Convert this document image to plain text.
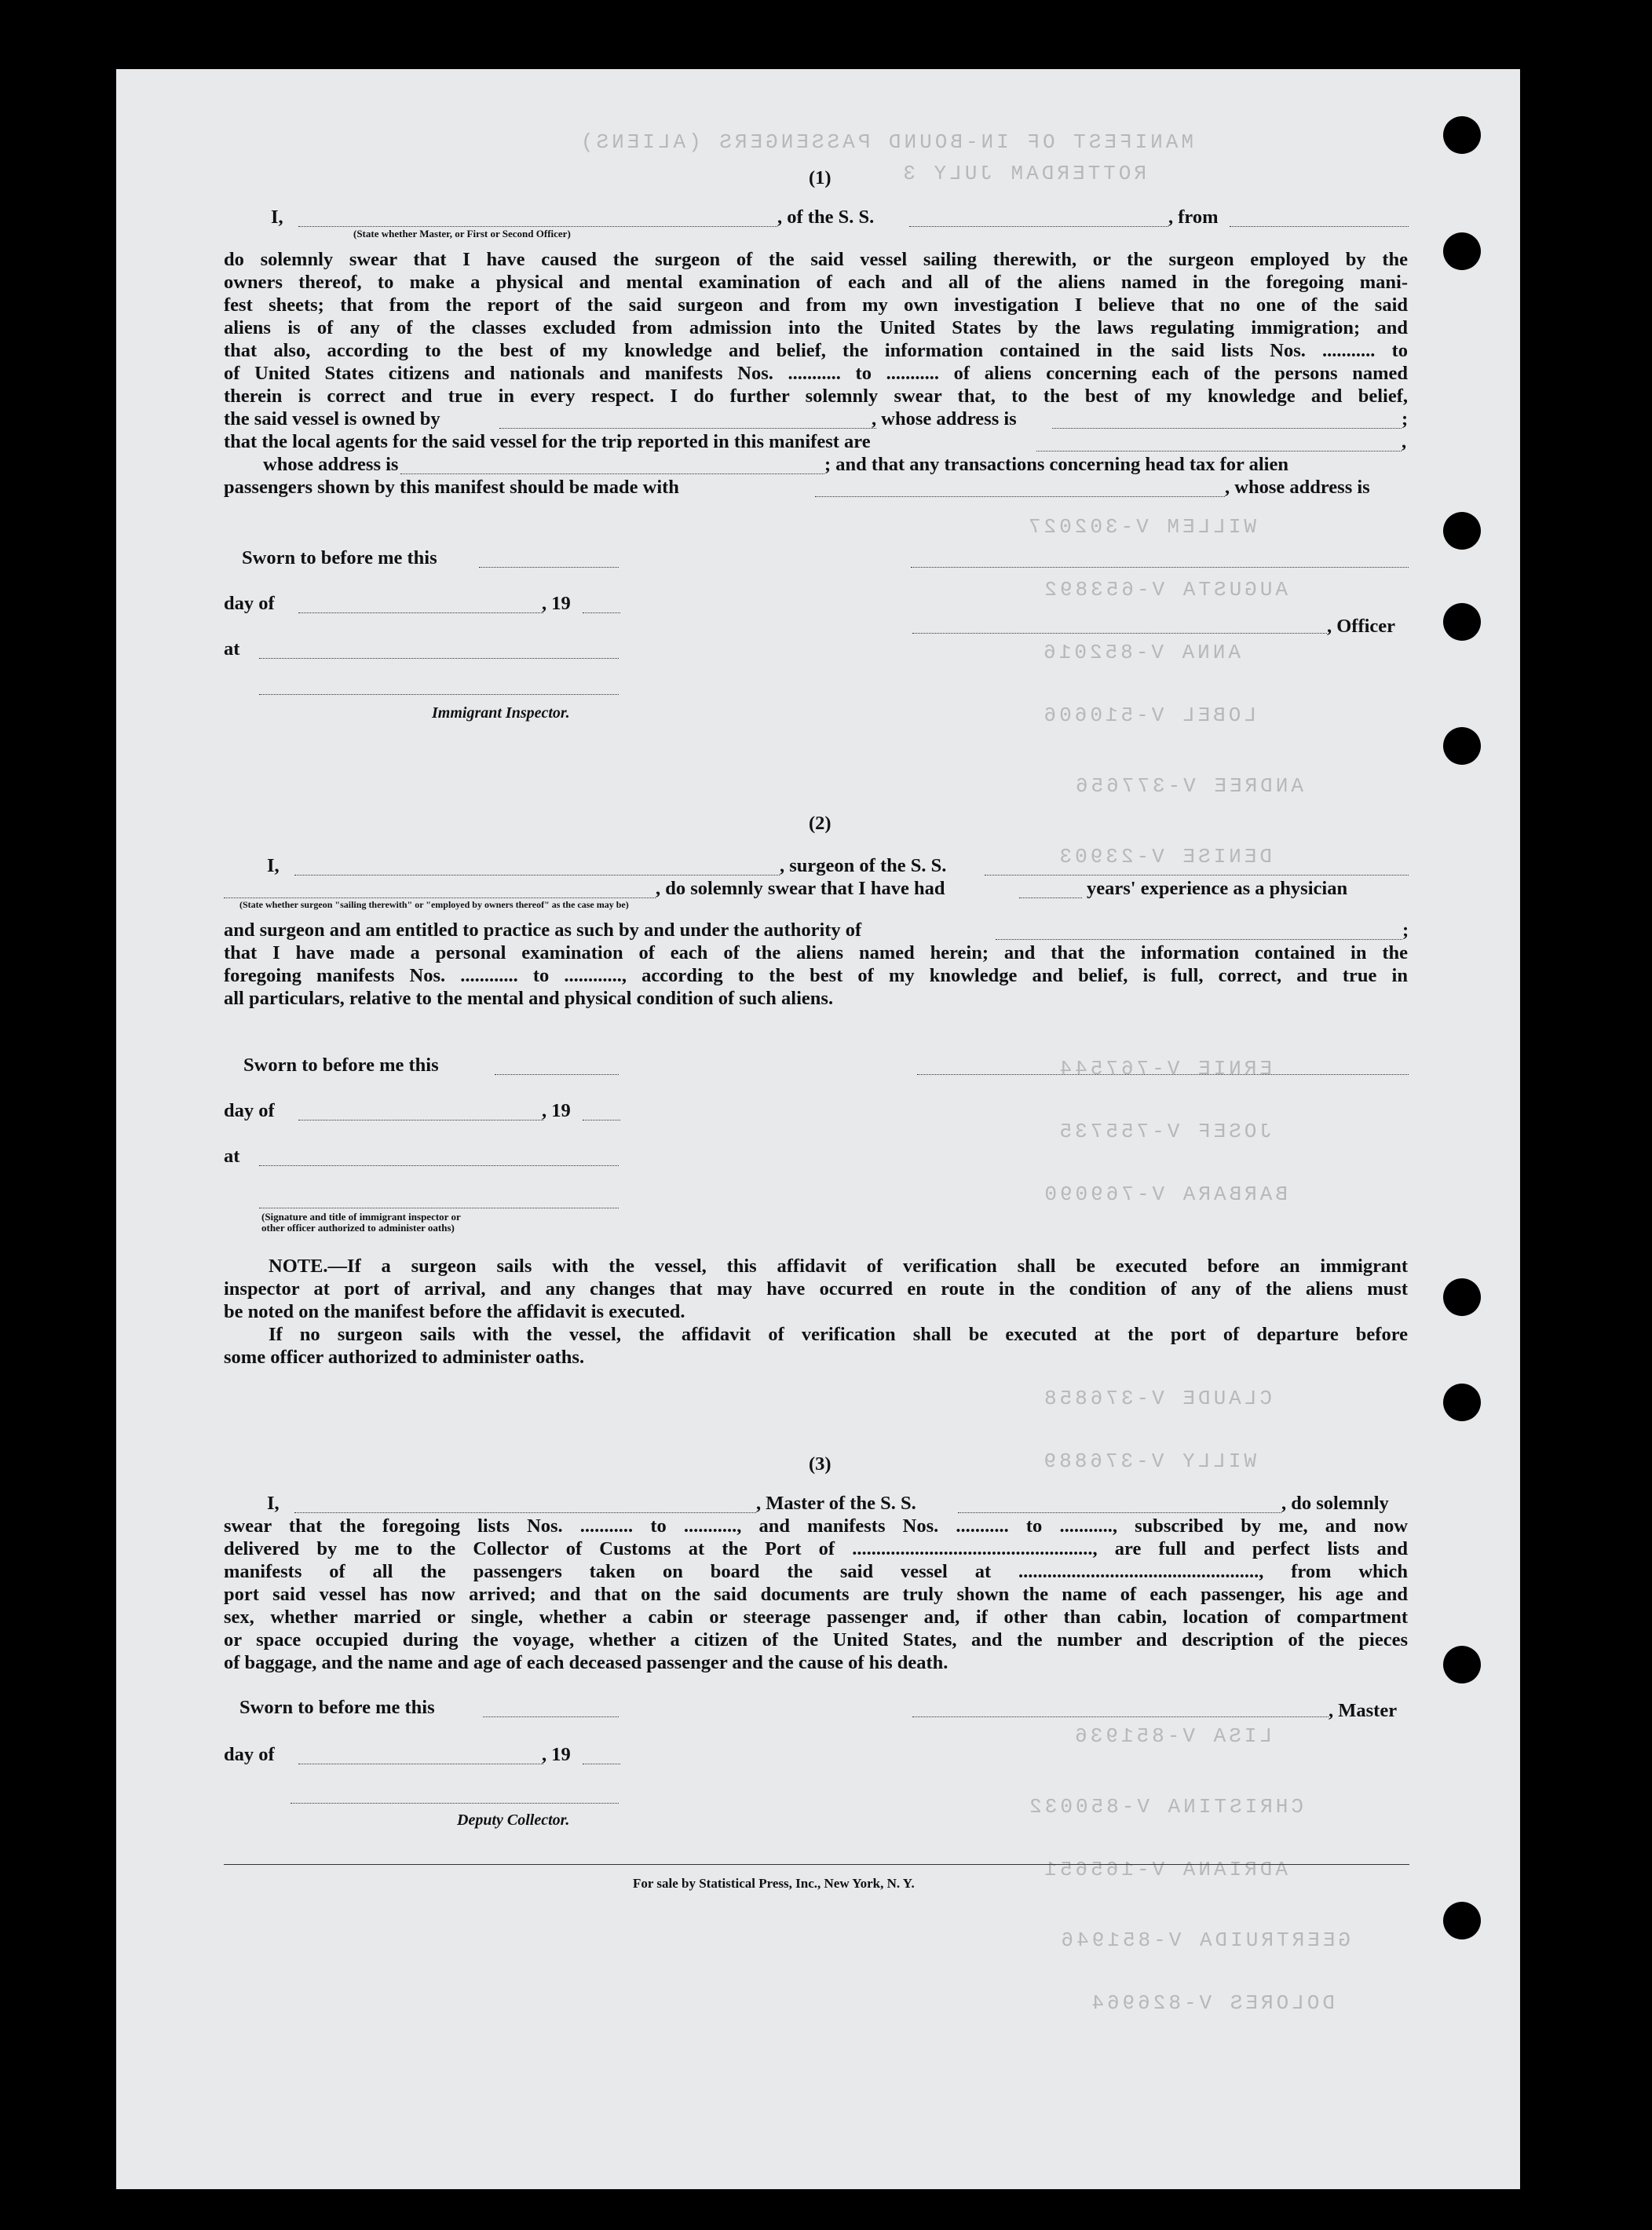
MANIFEST OF IN-BOUND PASSENGERS (ALIENS)
ROTTERDAM JULY 3
WILLEM V-302027
AUGUSTA V-653892
ANNA V-852016
LOBEL V-510606
ANDREE V-377656
DENISE V-23903
ERNIE V-767544
JOSEF V-755735
BARBARA V-769090
CLAUDE V-376858
WILLY V-376889
LISA V-851936
CHRISTINA V-850032
ADRIANA V-165651
GEERTRUIDA V-851946
DOLORES V-826964
(1)
I,
(State whether Master, or First or Second Officer)
, of the S. S.	, from
do solemnly swear that I have caused the surgeon of the said vessel sailing therewith, or the surgeon employed by the
owners thereof, to make a physical and mental examination of each and all of the aliens named in the foregoing mani-
fest sheets; that from the report of the said surgeon and from my own investigation I believe that no one of the said
aliens is of any of the classes excluded from admission into the United States by the laws regulating immigration; and
that also, according to the best of my knowledge and belief, the information contained in the said lists Nos. ........... to
of United States citizens and nationals and manifests Nos. ........... to ........... of aliens concerning each of the persons named
therein is correct and true in every respect. I do further solemnly swear that, to the best of my knowledge and belief,
the said vessel is owned by	, whose address is	;
that the local agents for the said vessel for the trip reported in this manifest are	,
whose address is	; and that any transactions concerning head tax for alien
passengers shown by this manifest should be made with	, whose address is
Sworn to before me this
day of	, 19
, Officer
at
Immigrant Inspector.
(2)
I,	, surgeon of the S. S.
(State whether surgeon "sailing therewith" or "employed by owners thereof" as the case may be)
, do solemnly swear that I have had	years' experience as a physician
and surgeon and am entitled to practice as such by and under the authority of	;
that I have made a personal examination of each of the aliens named herein; and that the information contained in the
foregoing manifests Nos. ............ to ............, according to the best of my knowledge and belief, is full, correct, and true in
all particulars, relative to the mental and physical condition of such aliens.
Sworn to before me this
day of	, 19
at
(Signature and title of immigrant inspector or
other officer authorized to administer oaths)
NOTE.—If a surgeon sails with the vessel, this affidavit of verification shall be executed before an immigrant
inspector at port of arrival, and any changes that may have occurred en route in the condition of any of the aliens must
be noted on the manifest before the affidavit is executed.
If no surgeon sails with the vessel, the affidavit of verification shall be executed at the port of departure before
some officer authorized to administer oaths.
(3)
I,	, Master of the S. S.	, do solemnly
swear that the foregoing lists Nos. ........... to ..........., and manifests Nos. ........... to ..........., subscribed by me, and now
delivered by me to the Collector of Customs at the Port of .................................................., are full and perfect lists and
manifests of all the passengers taken on board the said vessel at .................................................., from which
port said vessel has now arrived; and that on the said documents are truly shown the name of each passenger, his age and
sex, whether married or single, whether a cabin or steerage passenger and, if other than cabin, location of compartment
or space occupied during the voyage, whether a citizen of the United States, and the number and description of the pieces
of baggage, and the name and age of each deceased passenger and the cause of his death.
Sworn to before me this	, Master
day of	, 19
Deputy Collector.
For sale by Statistical Press, Inc., New York, N. Y.
